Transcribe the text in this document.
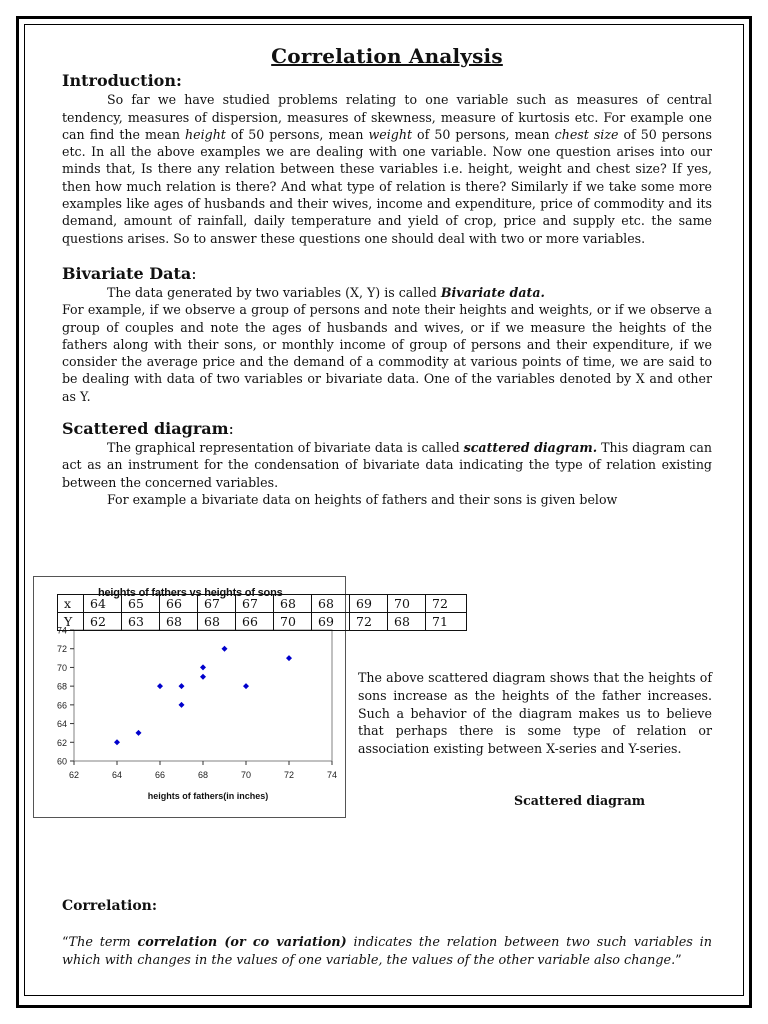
Correlation Analysis
Introduction:

So far we have studied problems relating to one variable such as measures of central tendency, measures of dispersion, measures of skewness, measure of kurtosis etc. For example one can find the mean height of 50 persons, mean weight of 50 persons, mean chest size of 50 persons etc. In all the above examples we are dealing with one variable. Now one question arises into our minds that, Is there any relation between these variables i.e. height, weight and chest size? If yes, then how much relation is there? And what type of relation is there? Similarly if we take some more examples like ages of husbands and their wives, income and expenditure, price of commodity and its demand, amount of rainfall, daily temperature and yield of crop, price and supply etc. the same questions arises. So to answer these questions one should deal with two or more variables.

Bivariate Data:

The data generated by two variables (X, Y) is called Bivariate data.

For example, if we observe a group of persons and note their heights and weights, or if we observe a group of couples and note the ages of husbands and wives, or if we measure the heights of the fathers along with their sons, or monthly income of group of persons and their expenditure, if we consider the average price and the demand of a commodity at various points of time, we are said to be dealing with data of two variables or bivariate data. One of the variables denoted by X and other as Y.

Scattered diagram:

The graphical representation of bivariate data is called scattered diagram. This diagram can act as an instrument for the condensation of bivariate data indicating the type of relation existing between the concerned variables.

For example a bivariate data on heights of fathers and their sons is given below

heights of fathers vs heights of sons
60
62
64
66
68
70
72
74
62	64	66	68	70	72	74
heights of fathers(in inches)
x	64	65	66	67	67	68	68	69	70	72
Y	62	63	68	68	66	70	69	72	68	71

The above scattered diagram shows that the heights of sons increase as the heights of the father increases. Such a behavior of the diagram makes us to believe that perhaps there is some type of relation or association existing between X-series and Y-series.

Scattered diagram
Correlation:

“The term correlation (or co variation) indicates the relation between two such variables in which with changes in the values of one variable, the values of the other variable also change.”
